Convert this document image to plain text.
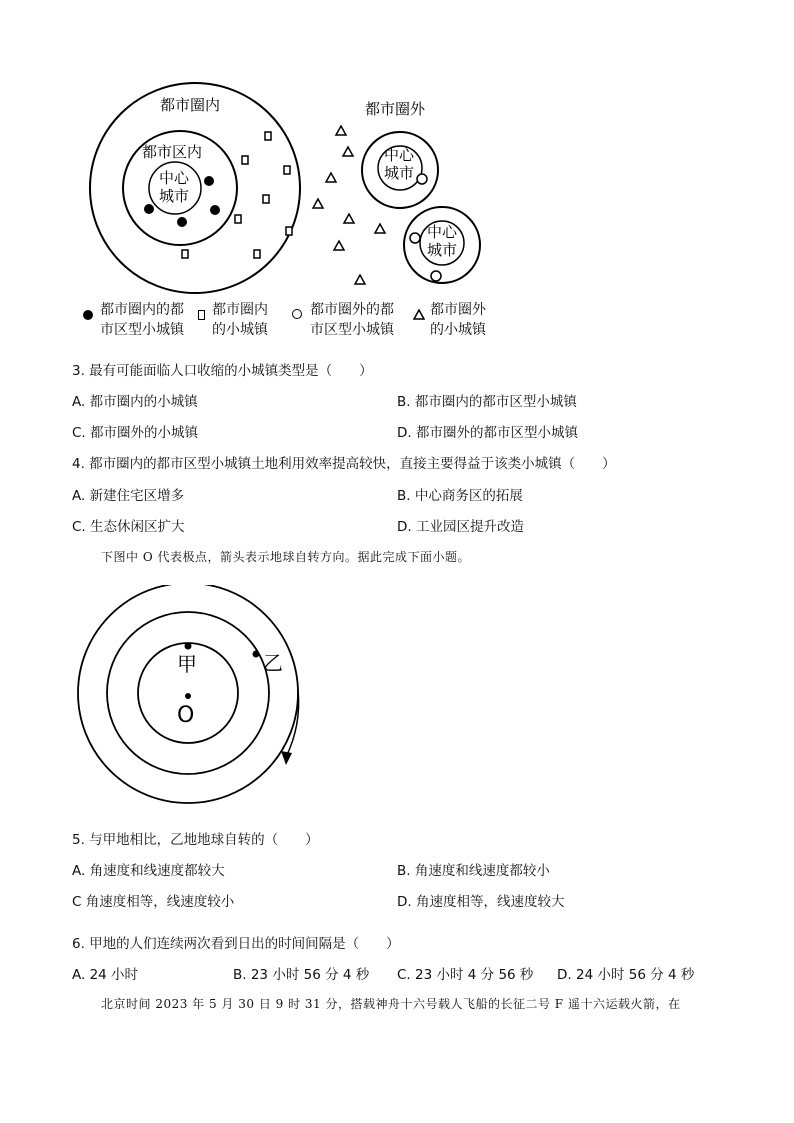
都市圈内
都市区内
中心
城市
都市圈外
中心
城市
中心
城市
都市圈内的都
市区型小城镇
都市圈内
的小城镇
都市圈外的都
市区型小城镇
都市圈外
的小城镇
3. 最有可能面临人口收缩的小城镇类型是（　　）
A. 都市圈内的小城镇	B. 都市圈内的都市区型小城镇
C. 都市圈外的小城镇	D. 都市圈外的都市区型小城镇
4. 都市圈内的都市区型小城镇土地利用效率提高较快，直接主要得益于该类小城镇（　　）
A. 新建住宅区增多	B. 中心商务区的拓展
C. 生态休闲区扩大	D. 工业园区提升改造
下图中 O 代表极点，箭头表示地球自转方向。据此完成下面小题。
甲	乙
O
5. 与甲地相比，乙地地球自转的（　　）
A. 角速度和线速度都较大	B. 角速度和线速度都较小
C 角速度相等，线速度较小	D. 角速度相等，线速度较大
6. 甲地的人们连续两次看到日出的时间间隔是（　　）
A. 24 小时	B. 23 小时 56 分 4 秒 C. 23 小时 4 分 56 秒 D. 24 小时 56 分 4 秒
北京时间 2023 年 5 月 30 日 9 时 31 分，搭载神舟十六号载人飞船的长征二号 F 遥十六运载火箭，在
